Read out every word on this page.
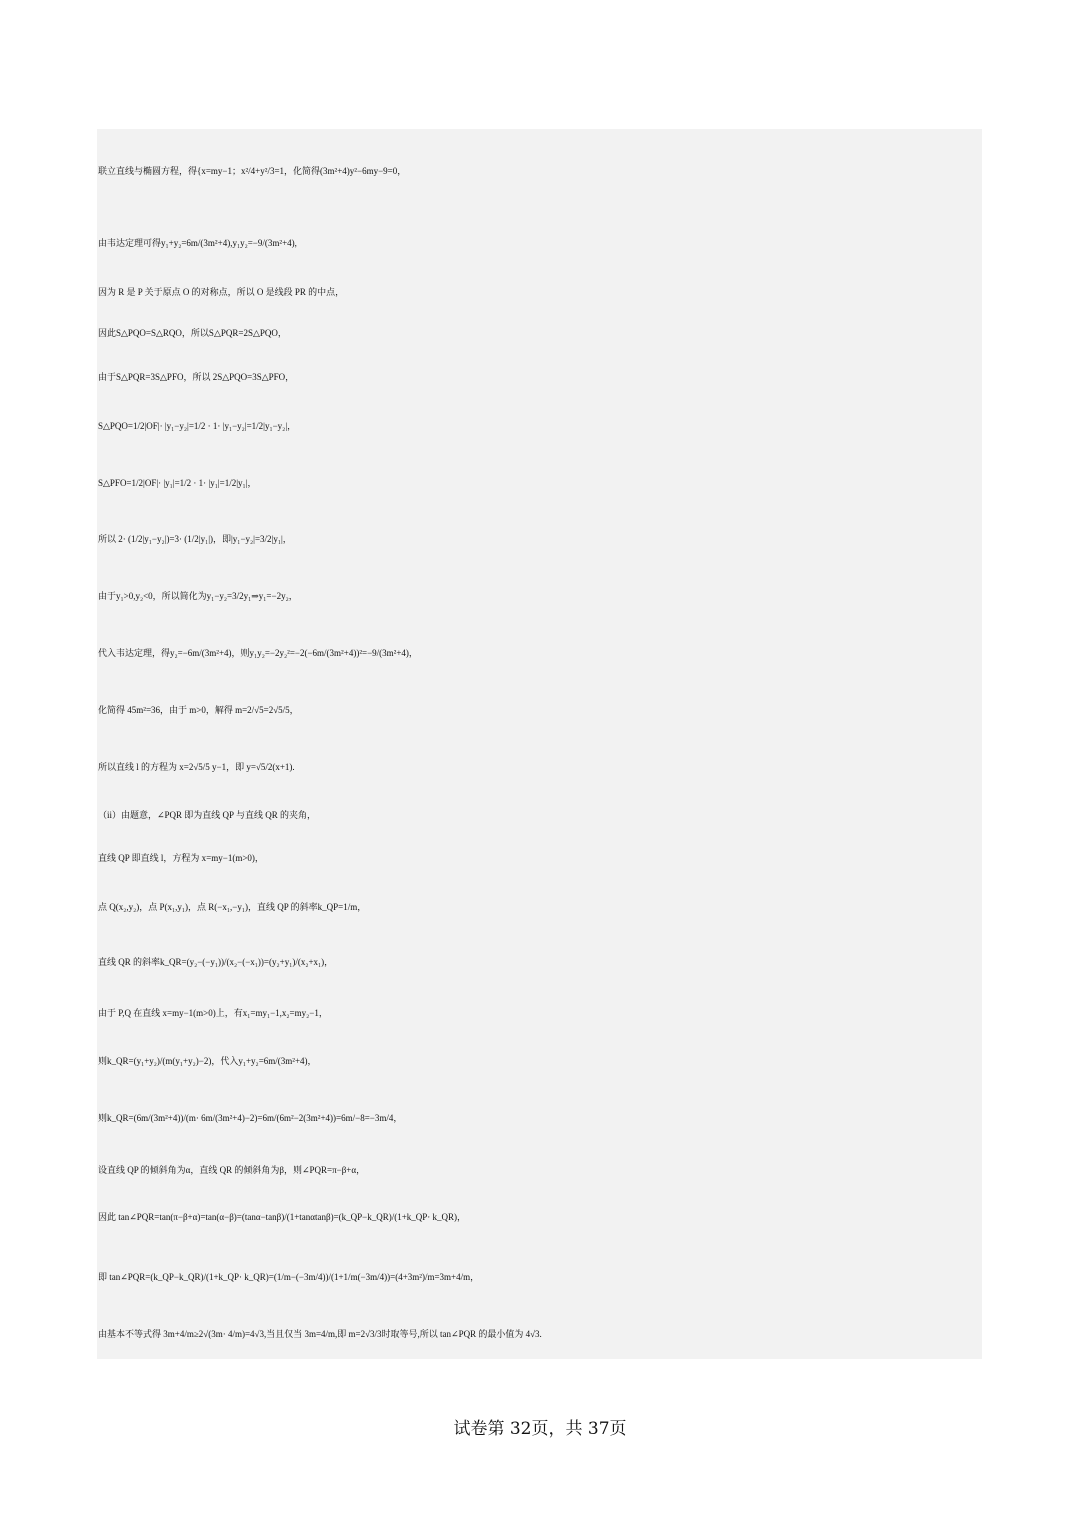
联立直线与椭圆方程，得{x=my−1；x²/4+y²/3=1，化简得(3m²+4)y²−6my−9=0，
由韦达定理可得y₁+y₂=6m/(3m²+4),y₁y₂=−9/(3m²+4),
因为 R 是 P 关于原点 O 的对称点，所以 O 是线段 PR 的中点，
因此S△PQO=S△RQO，所以S△PQR=2S△PQO，
由于S△PQR=3S△PFO，所以 2S△PQO=3S△PFO，
S△PQO=1/2|OF|· |y₁−y₂|=1/2 · 1· |y₁−y₂|=1/2|y₁−y₂|，
S△PFO=1/2|OF|· |y₁|=1/2 · 1· |y₁|=1/2|y₁|，
所以 2· (1/2|y₁−y₂|)=3· (1/2|y₁|)，即|y₁−y₂|=3/2|y₁|，
由于y₁>0,y₂<0，所以简化为y₁−y₂=3/2y₁⇒y₁=−2y₂，
代入韦达定理，得y₂=−6m/(3m²+4)，则y₁y₂=−2y₂²=−2(−6m/(3m²+4))²=−9/(3m²+4)，
化简得 45m²=36，由于 m>0，解得 m=2/√5=2√5/5，
所以直线 l 的方程为 x=2√5/5 y−1，即 y=√5/2(x+1).
（ii）由题意，∠PQR 即为直线 QP 与直线 QR 的夹角，
直线 QP 即直线 l，方程为 x=my−1(m>0)，
点 Q(x₂,y₂)，点 P(x₁,y₁)，点 R(−x₁,−y₁)，直线 QP 的斜率k_QP=1/m，
直线 QR 的斜率k_QR=(y₂−(−y₁))/(x₂−(−x₁))=(y₂+y₁)/(x₂+x₁)，
由于 P,Q 在直线 x=my−1(m>0)上，有x₁=my₁−1,x₂=my₂−1，
则k_QR=(y₁+y₂)/(m(y₁+y₂)−2)，代入y₁+y₂=6m/(3m²+4)，
则k_QR=(6m/(3m²+4))/(m· 6m/(3m²+4)−2)=6m/(6m²−2(3m²+4))=6m/−8=−3m/4，
设直线 QP 的倾斜角为α，直线 QR 的倾斜角为β，则∠PQR=π−β+α，
因此 tan∠PQR=tan(π−β+α)=tan(α−β)=(tanα−tanβ)/(1+tanαtanβ)=(k_QP−k_QR)/(1+k_QP· k_QR)，
即 tan∠PQR=(k_QP−k_QR)/(1+k_QP· k_QR)=(1/m−(−3m/4))/(1+1/m(−3m/4))=(4+3m²)/m=3m+4/m，
由基本不等式得 3m+4/m≥2√(3m· 4/m)=4√3,当且仅当 3m=4/m,即 m=2√3/3时取等号,所以 tan∠PQR 的最小值为 4√3.
试卷第 32页，共 37页
